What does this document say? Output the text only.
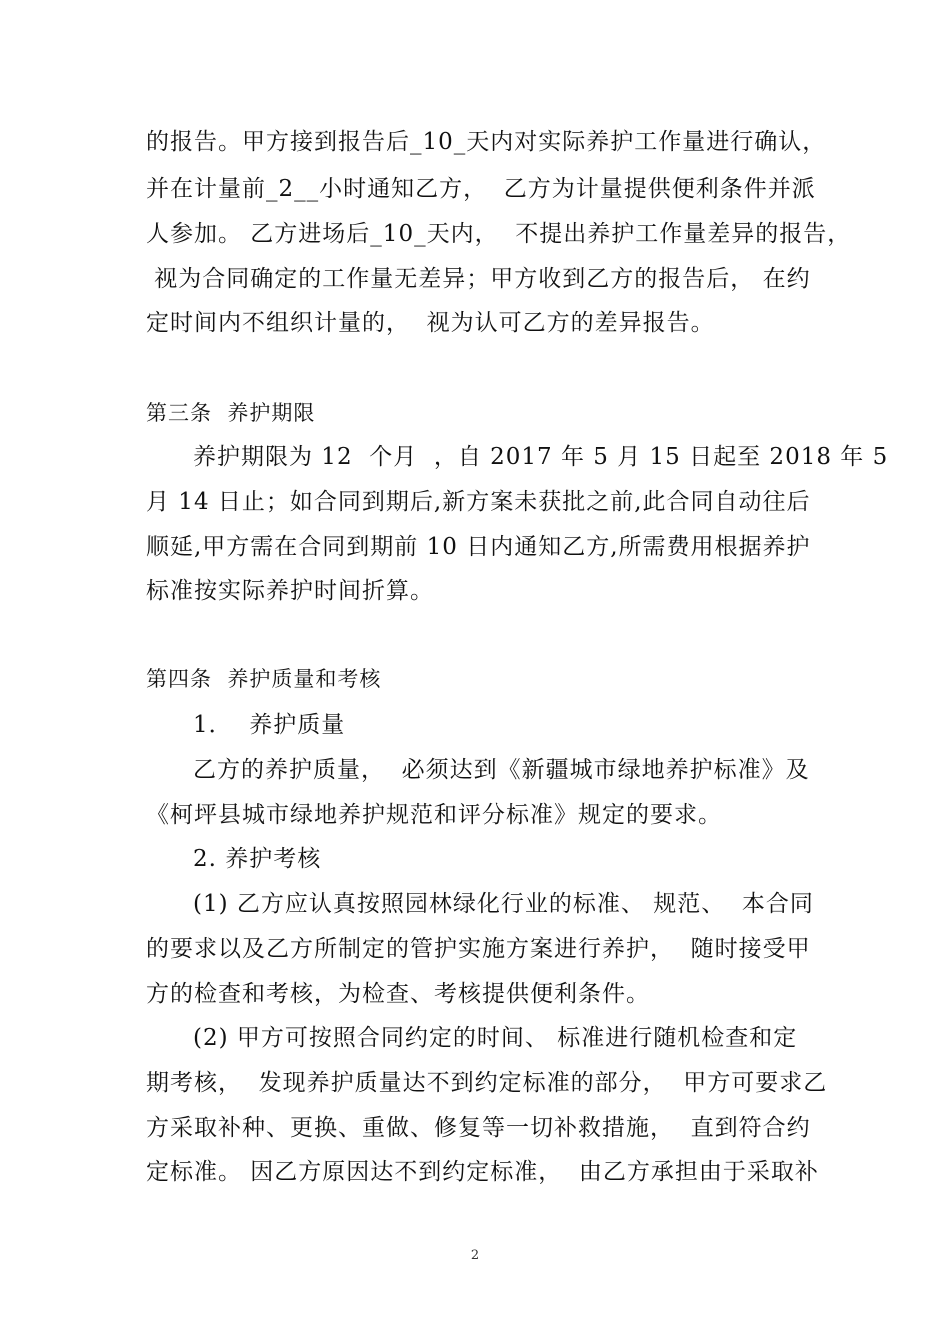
的报告。甲方接到报告后_10_天内对实际养护工作量进行确认，
并在计量前_2__小时通知乙方，  乙方为计量提供便利条件并派
人参加。 乙方进场后_10_天内，  不提出养护工作量差异的报告，
视为合同确定的工作量无差异；甲方收到乙方的报告后， 在约
定时间内不组织计量的，  视为认可乙方的差异报告。
第三条  养护期限
养护期限为 12  个月  ，自 2017 年 5 月 15 日起至 2018 年 5
月 14 日止；如合同到期后,新方案未获批之前,此合同自动往后
顺延,甲方需在合同到期前 10 日内通知乙方,所需费用根据养护
标准按实际养护时间折算。
第四条  养护质量和考核
1．  养护质量
乙方的养护质量，  必须达到《新疆城市绿地养护标准》及
《柯坪县城市绿地养护规范和评分标准》规定的要求。
2. 养护考核
(1) 乙方应认真按照园林绿化行业的标准、 规范、  本合同
的要求以及乙方所制定的管护实施方案进行养护，  随时接受甲
方的检查和考核，为检查、考核提供便利条件。
(2) 甲方可按照合同约定的时间、 标准进行随机检查和定
期考核，  发现养护质量达不到约定标准的部分，  甲方可要求乙
方采取补种、更换、重做、修复等一切补救措施，  直到符合约
定标准。 因乙方原因达不到约定标准，  由乙方承担由于采取补
2
